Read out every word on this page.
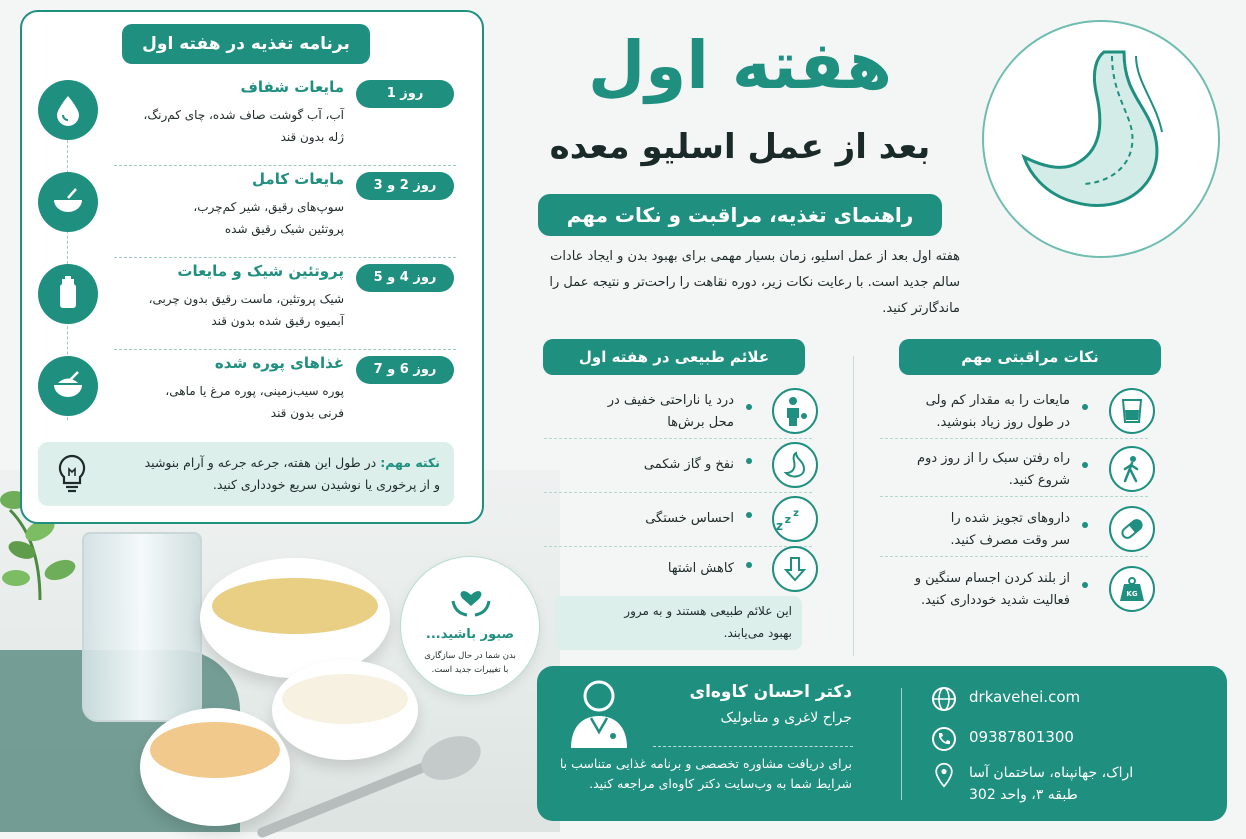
برنامه تغذیه در هفته اول
روز 1
مایعات شفاف
آب، آب گوشت صاف شده، چای کم‌رنگ،
ژله بدون قند
روز 2 و 3
مایعات کامل
سوپ‌های رقیق، شیر کم‌چرب،
پروتئین شیک رقیق شده
روز 4 و 5
پروتئین شیک و مایعات
شیک پروتئین، ماست رقیق بدون چربی،
آبمیوه رقیق شده بدون قند
روز 6 و 7
غذاهای پوره شده
پوره سیب‌زمینی، پوره مرغ یا ماهی،
فرنی بدون قند
نکته مهم: در طول این هفته، جرعه جرعه و آرام بنوشید
و از پرخوری یا نوشیدن سریع خودداری کنید.
صبور باشید...
بدن شما در حال سازگاری
با تغییرات جدید است.
هفته اول
بعد از عمل اسلیو معده
راهنمای تغذیه، مراقبت و نکات مهم
هفته اول بعد از عمل اسلیو، زمان بسیار مهمی برای بهبود بدن و ایجاد عادات سالم جدید است. با رعایت نکات زیر، دوره نقاهت را راحت‌تر و نتیجه عمل را ماندگارتر کنید.
علائم طبیعی در هفته اول
درد یا ناراحتی خفیف در
محل برش‌ها
نفخ و گاز شکمی
z z z
احساس خستگی
کاهش اشتها
این علائم طبیعی هستند و به مرور
بهبود می‌یابند.
نکات مراقبتی مهم
مایعات را به مقدار کم ولی
در طول روز زیاد بنوشید.
راه رفتن سبک را از روز دوم
شروع کنید.
داروهای تجویز شده را
سر وقت مصرف کنید.
KG
از بلند کردن اجسام سنگین و
فعالیت شدید خودداری کنید.
دکتر احسان کاوه‌ای
جراح لاغری و متابولیک
برای دریافت مشاوره تخصصی و برنامه غذایی متناسب با شرایط شما به وب‌سایت دکتر کاوه‌ای مراجعه کنید.
drkavehei.com
09387801300
اراک، جهانپناه، ساختمان آسا
طبقه ۳، واحد 302
